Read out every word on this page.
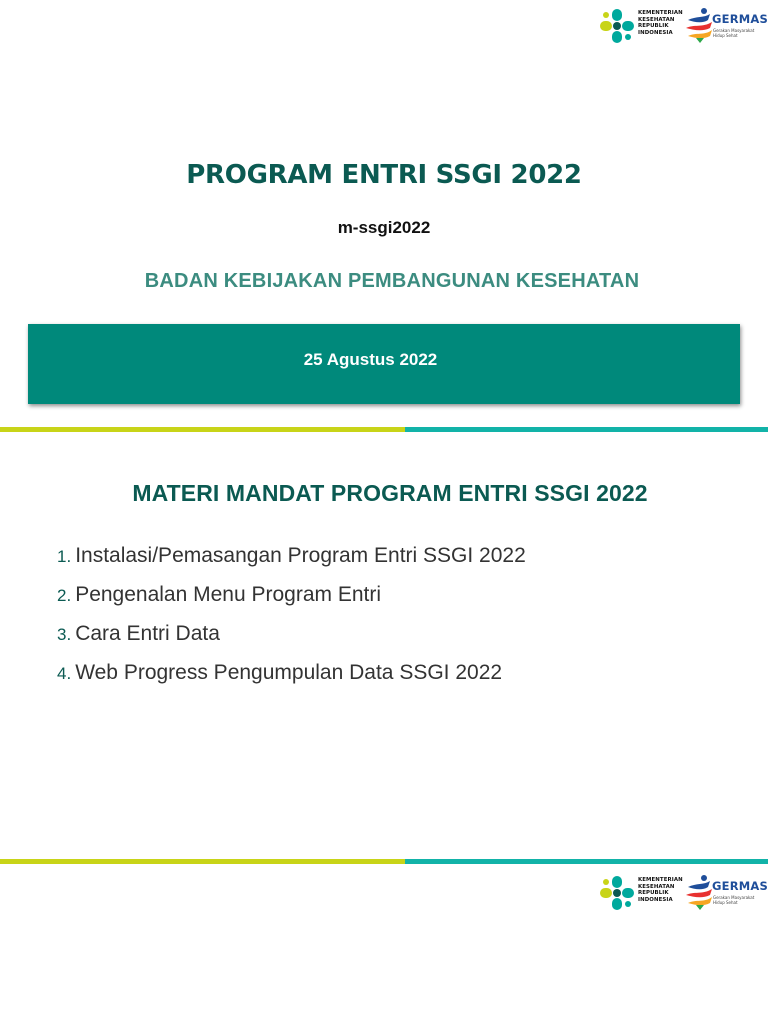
KEMENTERIAN
KESEHATAN
REPUBLIK
INDONESIA
GERMAS
Gerakan Masyarakat Hidup Sehat
PROGRAM ENTRI SSGI 2022
m-ssgi2022
BADAN KEBIJAKAN PEMBANGUNAN KESEHATAN
25 Agustus 2022
MATERI MANDAT PROGRAM ENTRI SSGI 2022
1. Instalasi/Pemasangan Program Entri SSGI 2022
2. Pengenalan Menu Program Entri
3. Cara Entri Data
4. Web Progress Pengumpulan Data SSGI 2022
KEMENTERIAN
KESEHATAN
REPUBLIK
INDONESIA
GERMAS
Gerakan Masyarakat Hidup Sehat
